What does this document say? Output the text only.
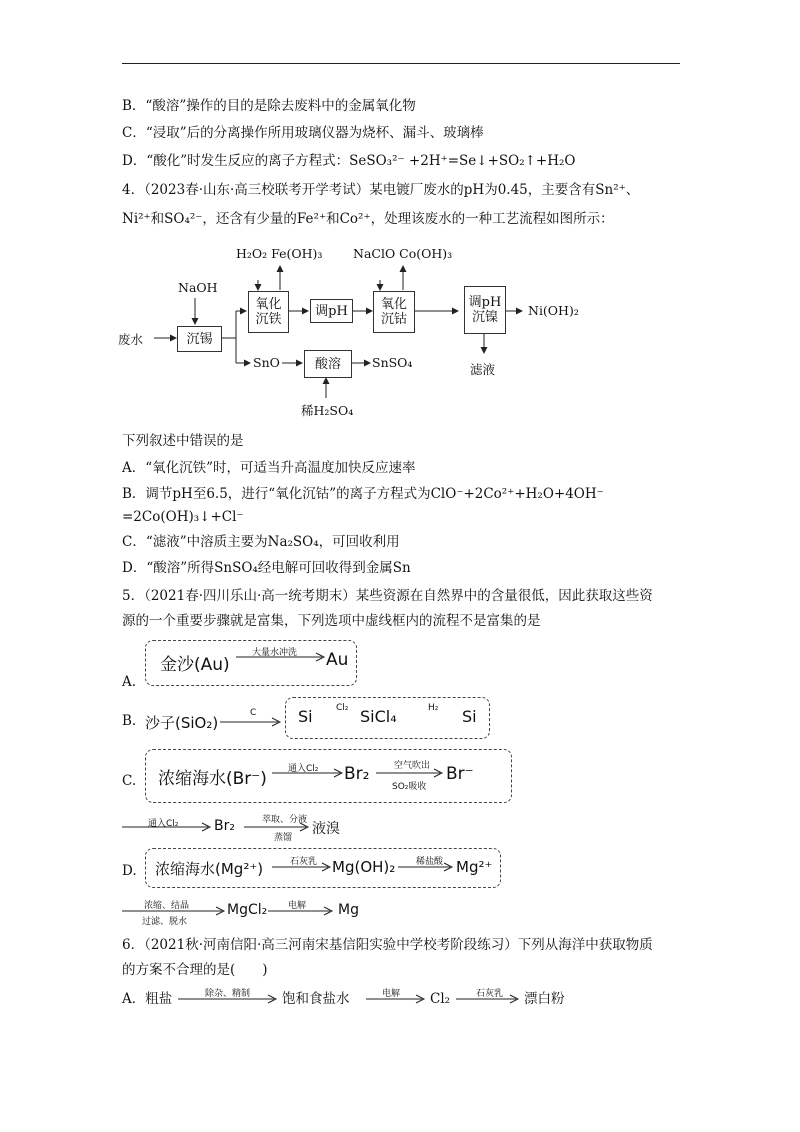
B．“酸溶”操作的目的是除去废料中的金属氧化物
C．“浸取”后的分离操作所用玻璃仪器为烧杯、漏斗、玻璃棒
D．“酸化”时发生反应的离子方程式：SeSO₃²⁻ +2H⁺=Se↓+SO₂↑+H₂O
4．（2023春·山东·高三校联考开学考试）某电镀厂废水的pH为0.45，主要含有Sn²⁺、
Ni²⁺和SO₄²⁻，还含有少量的Fe²⁺和Co²⁺，处理该废水的一种工艺流程如图所示：
废水
NaOH
沉锡
H₂O₂ Fe(OH)₃
氧化
沉铁
调pH
NaClO Co(OH)₃
氧化
沉钴
调pH
沉镍	Ni(OH)₂
滤液
SnO	酸溶	SnSO₄
稀H₂SO₄
下列叙述中错误的是
A．“氧化沉铁”时，可适当升高温度加快反应速率
B．调节pH至6.5，进行“氧化沉钴”的离子方程式为ClO⁻+2Co²⁺+H₂O+4OH⁻
=2Co(OH)₃↓+Cl⁻
C．“滤液”中溶质主要为Na₂SO₄，可回收利用
D．“酸溶”所得SnSO₄经电解可回收得到金属Sn
5．（2021春·四川乐山·高一统考期末）某些资源在自然界中的含量很低，因此获取这些资
源的一个重要步骤就是富集，下列选项中虚线框内的流程不是富集的是
A.
金沙(Au)
大量水冲洗 Au
B. 沙子(SiO₂)
C	Si	Cl₂ SiCl₄	H₂ Si
C. 浓缩海水(Br⁻) 通入Cl₂ Br₂	空气吹出
SO₂吸收
Br⁻
通入Cl₂	Br₂	萃取、分液
蒸馏
液溴
D. 浓缩海水(Mg²⁺)	石灰乳 Mg(OH)₂ 稀盐酸 Mg²⁺
浓缩、结晶
过滤、脱水
MgCl₂ 电解 Mg
6．（2021秋·河南信阳·高三河南宋基信阳实验中学校考阶段练习）下列从海洋中获取物质
的方案不合理的是(　　)
A．粗盐	除杂、精制 饱和食盐水	电解 Cl₂	石灰乳 漂白粉
